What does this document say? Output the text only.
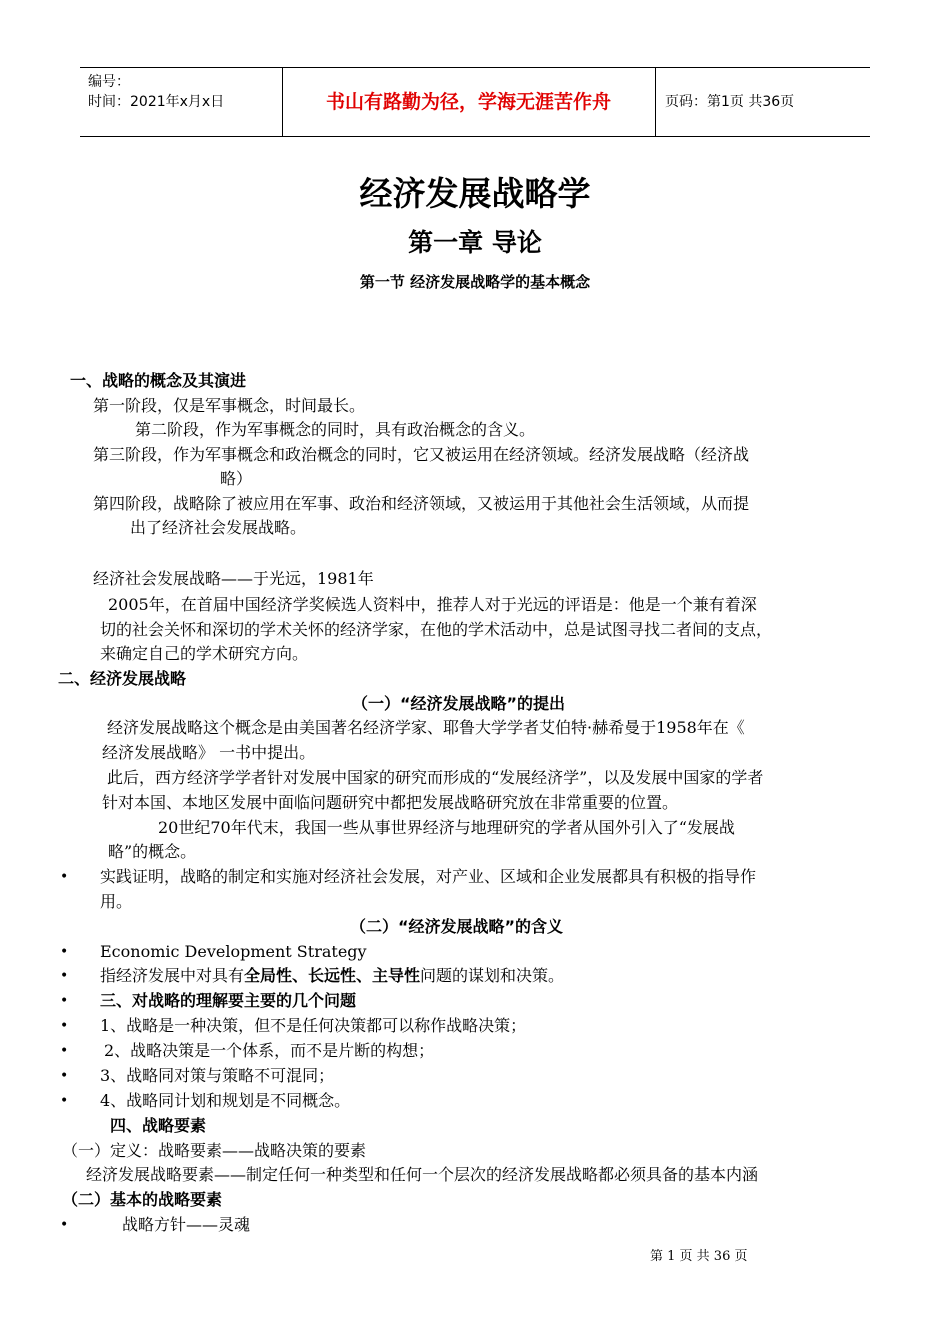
编号：
时间：2021年x月x日	书山有路勤为径，学海无涯苦作舟	页码：第1页 共36页
经济发展战略学
第一章 导论
第一节 经济发展战略学的基本概念
一、战略的概念及其演进
第一阶段，仅是军事概念，时间最长。
第二阶段，作为军事概念的同时，具有政治概念的含义。
第三阶段，作为军事概念和政治概念的同时，它又被运用在经济领域。经济发展战略（经济战
略）
第四阶段，战略除了被应用在军事、政治和经济领域，又被运用于其他社会生活领域，从而提
出了经济社会发展战略。
经济社会发展战略——于光远，1981年
2005年，在首届中国经济学奖候选人资料中，推荐人对于光远的评语是：他是一个兼有着深
切的社会关怀和深切的学术关怀的经济学家，在他的学术活动中，总是试图寻找二者间的支点，
来确定自己的学术研究方向。
二、经济发展战略
（一）“经济发展战略”的提出
经济发展战略这个概念是由美国著名经济学家、耶鲁大学学者艾伯特·赫希曼于1958年在《
经济发展战略》 一书中提出。
此后，西方经济学学者针对发展中国家的研究而形成的“发展经济学”，以及发展中国家的学者
针对本国、本地区发展中面临问题研究中都把发展战略研究放在非常重要的位置。
20世纪70年代末，我国一些从事世界经济与地理研究的学者从国外引入了“发展战
略”的概念。
• 实践证明，战略的制定和实施对经济社会发展，对产业、区域和企业发展都具有积极的指导作
用。
（二）“经济发展战略”的含义
• Economic Development Strategy
• 指经济发展中对具有全局性、长远性、主导性问题的谋划和决策。
• 三、对战略的理解要主要的几个问题
• 1、战略是一种决策，但不是任何决策都可以称作战略决策；
• 2、战略决策是一个体系，而不是片断的构想；
• 3、战略同对策与策略不可混同；
• 4、战略同计划和规划是不同概念。
四、战略要素
（一）定义：战略要素——战略决策的要素
经济发展战略要素——制定任何一种类型和任何一个层次的经济发展战略都必须具备的基本内涵
（二）基本的战略要素
•	战略方针——灵魂
第 1 页 共 36 页
